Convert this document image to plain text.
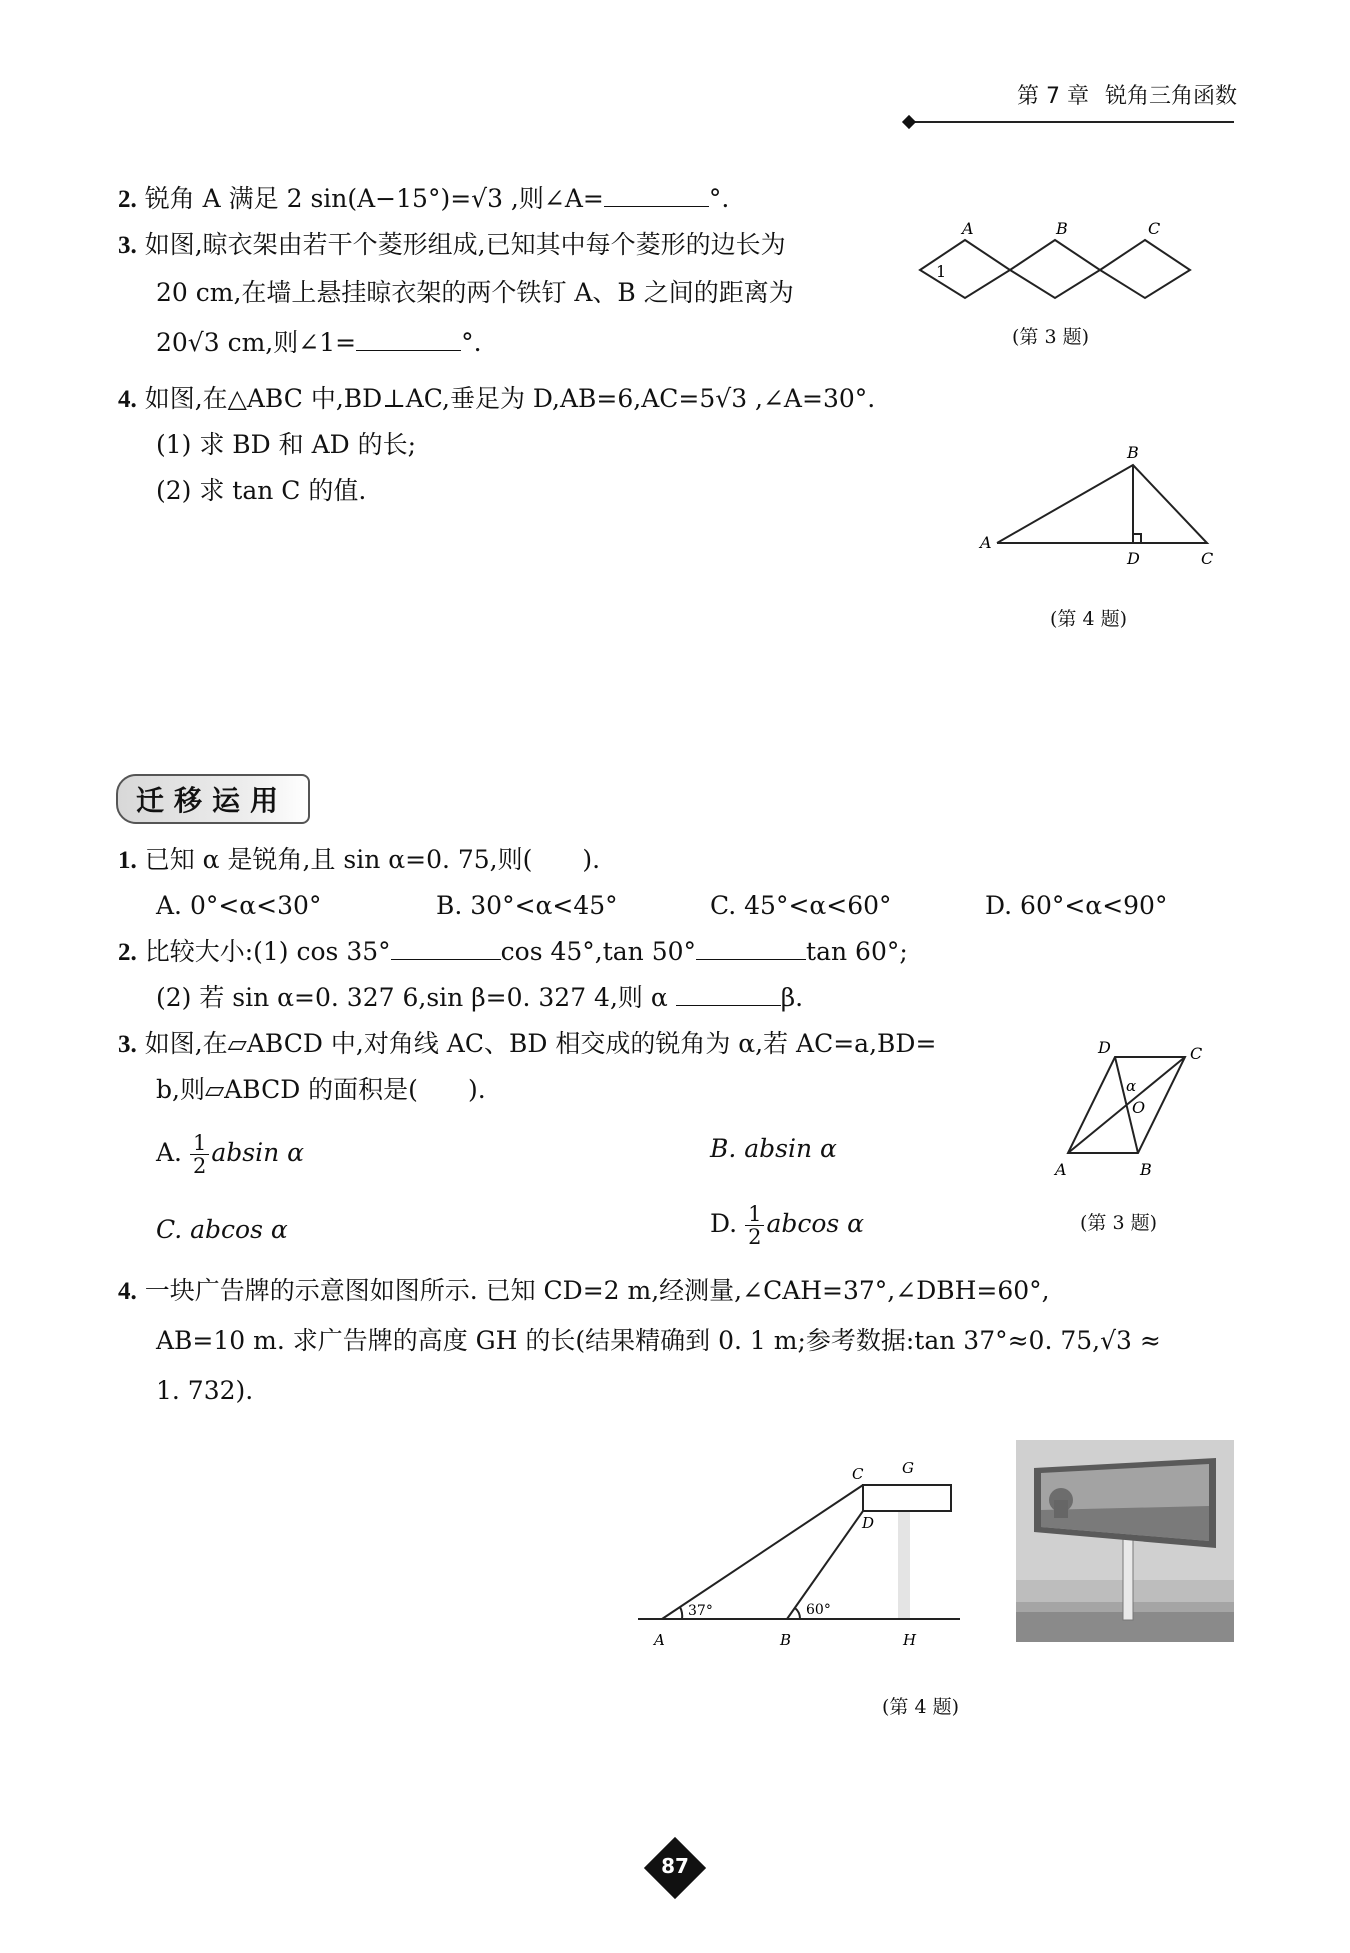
第 7 章 锐角三角函数
2. 锐角 A 满足 2 sin(A−15°)=√3 ,则∠A=	°.
3. 如图,晾衣架由若干个菱形组成,已知其中每个菱形的边长为
20 cm,在墙上悬挂晾衣架的两个铁钉 A、B 之间的距离为
20√3 cm,则∠1=	°.
A	B	C
1
(第 3 题)
4. 如图,在△ABC 中,BD⊥AC,垂足为 D,AB=6,AC=5√3 ,∠A=30°.
(1) 求 BD 和 AD 的长;
(2) 求 tan C 的值.
A
B
C
D
(第 4 题)
迁移运用
1. 已知 α 是锐角,且 sin α=0. 75,则(　　).
A. 0°<α<30°	B. 30°<α<45°	C. 45°<α<60°	D. 60°<α<90°
2. 比较大小:(1) cos 35°	cos 45°,tan 50°	tan 60°;
(2) 若 sin α=0. 327 6,sin β=0. 327 4,则 α	β.
3. 如图,在▱ABCD 中,对角线 AC、BD 相交成的锐角为 α,若 AC=a,BD=
b,则▱ABCD 的面积是(　　).
A. $\frac{1}{2}$ absin α	B. absin α
C. abcos α	D. $\frac{1}{2}$ abcos α
A	B
C
D
O
α
(第 3 题)
4. 一块广告牌的示意图如图所示. 已知 CD=2 m,经测量,∠CAH=37°,∠DBH=60°,
AB=10 m. 求广告牌的高度 GH 的长(结果精确到 0. 1 m;参考数据:tan 37°≈0. 75,√3 ≈
1. 732).
A	B
C
D
G
H
37°	60°
(第 4 题)
87
